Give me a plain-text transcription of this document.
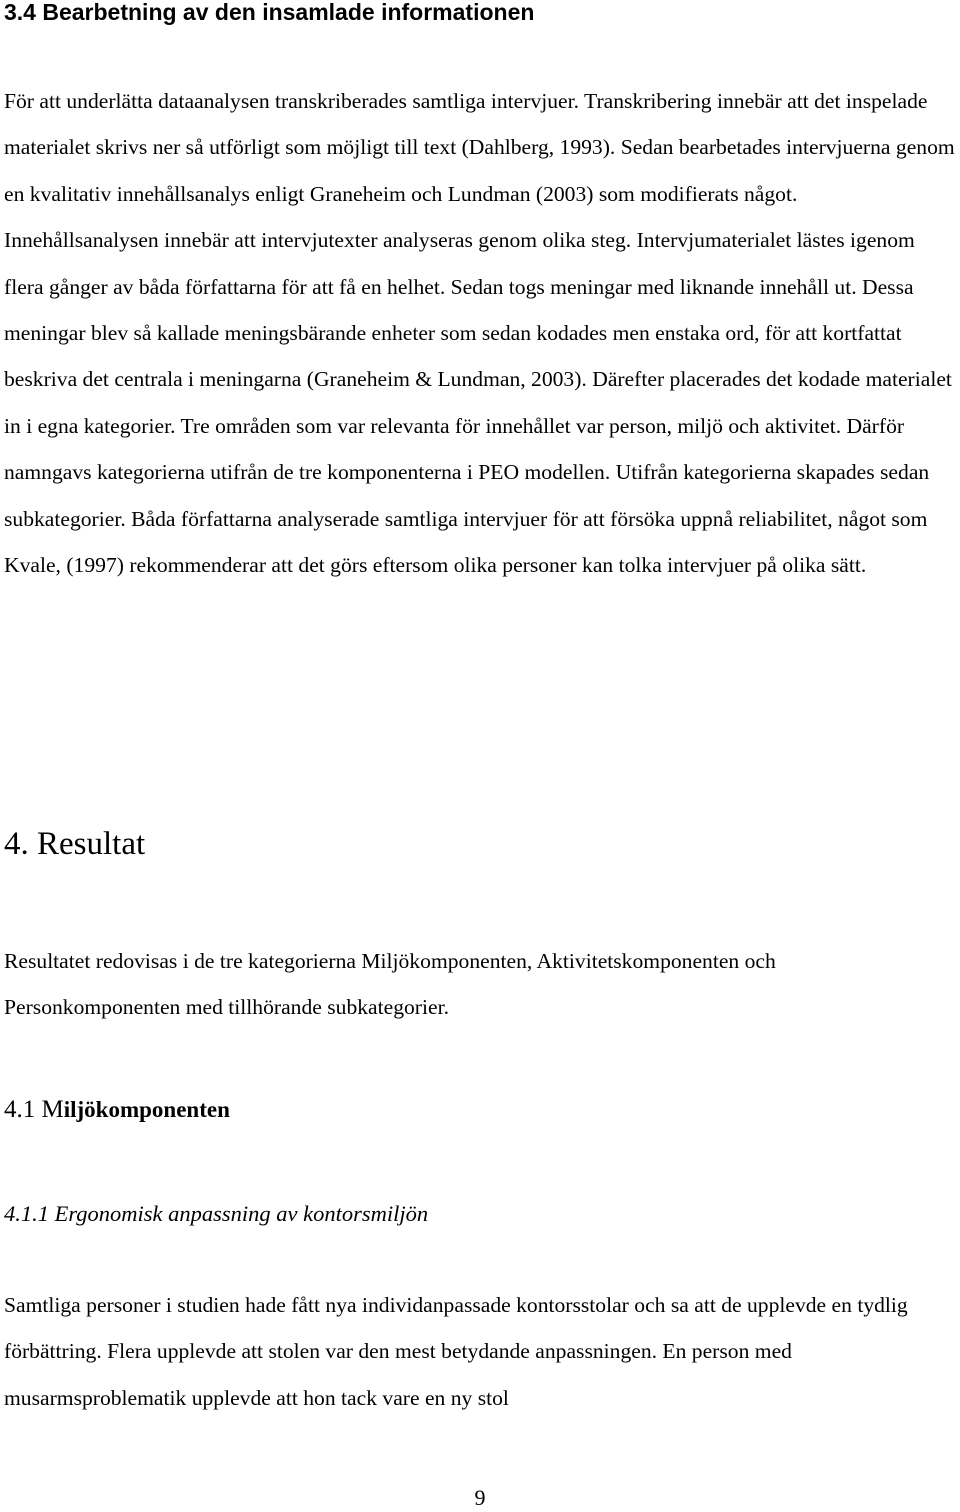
3.4 Bearbetning av den insamlade informationen

För att underlätta dataanalysen transkriberades samtliga intervjuer. Transkribering innebär att det inspelade materialet skrivs ner så utförligt som möjligt till text (Dahlberg, 1993). Sedan bearbetades intervjuerna genom en kvalitativ innehållsanalys enligt Graneheim och Lundman (2003) som modifierats något. Innehållsanalysen innebär att intervjutexter analyseras genom olika steg. Intervjumaterialet lästes igenom flera gånger av båda författarna för att få en helhet. Sedan togs meningar med liknande innehåll ut. Dessa meningar blev så kallade meningsbärande enheter som sedan kodades men enstaka ord, för att kortfattat beskriva det centrala i meningarna (Graneheim & Lundman, 2003). Därefter placerades det kodade materialet in i egna kategorier. Tre områden som var relevanta för innehållet var person, miljö och aktivitet. Därför namngavs kategorierna utifrån de tre komponenterna i PEO modellen. Utifrån kategorierna skapades sedan subkategorier. Båda författarna analyserade samtliga intervjuer för att försöka uppnå reliabilitet, något som Kvale, (1997) rekommenderar att det görs eftersom olika personer kan tolka intervjuer på olika sätt.

4. Resultat

Resultatet redovisas i de tre kategorierna Miljökomponenten, Aktivitetskomponenten och Personkomponenten med tillhörande subkategorier.

4.1 Miljökomponenten
4.1.1 Ergonomisk anpassning av kontorsmiljön

Samtliga personer i studien hade fått nya individanpassade kontorsstolar och sa att de upplevde en tydlig förbättring. Flera upplevde att stolen var den mest betydande anpassningen. En person med musarmsproblematik upplevde att hon tack vare en ny stol

9
